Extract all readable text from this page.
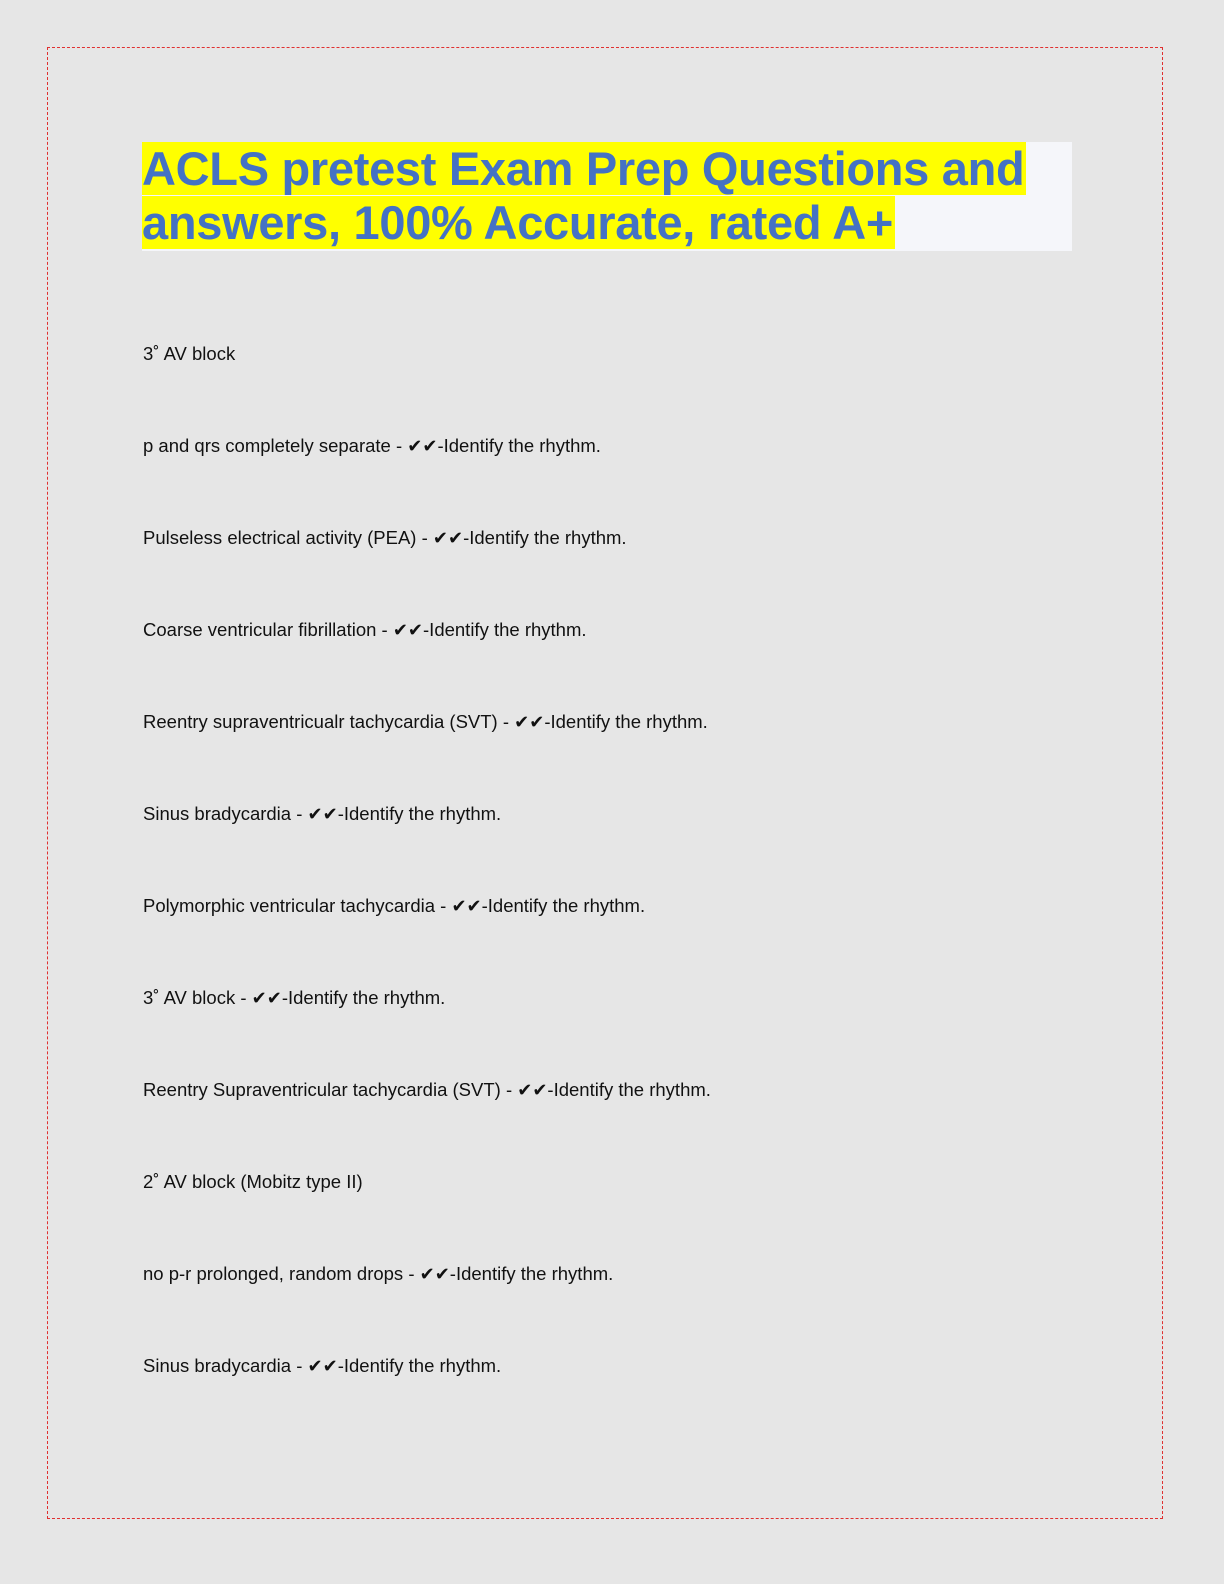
ACLS pretest Exam Prep Questions and
answers, 100% Accurate, rated A+
3˚ AV block
p and qrs completely separate - ✔✔-Identify the rhythm.
Pulseless electrical activity (PEA) - ✔✔-Identify the rhythm.
Coarse ventricular fibrillation - ✔✔-Identify the rhythm.
Reentry supraventricualr tachycardia (SVT) - ✔✔-Identify the rhythm.
Sinus bradycardia - ✔✔-Identify the rhythm.
Polymorphic ventricular tachycardia - ✔✔-Identify the rhythm.
3˚ AV block - ✔✔-Identify the rhythm.
Reentry Supraventricular tachycardia (SVT) - ✔✔-Identify the rhythm.
2˚ AV block (Mobitz type II)
no p-r prolonged, random drops - ✔✔-Identify the rhythm.
Sinus bradycardia - ✔✔-Identify the rhythm.
